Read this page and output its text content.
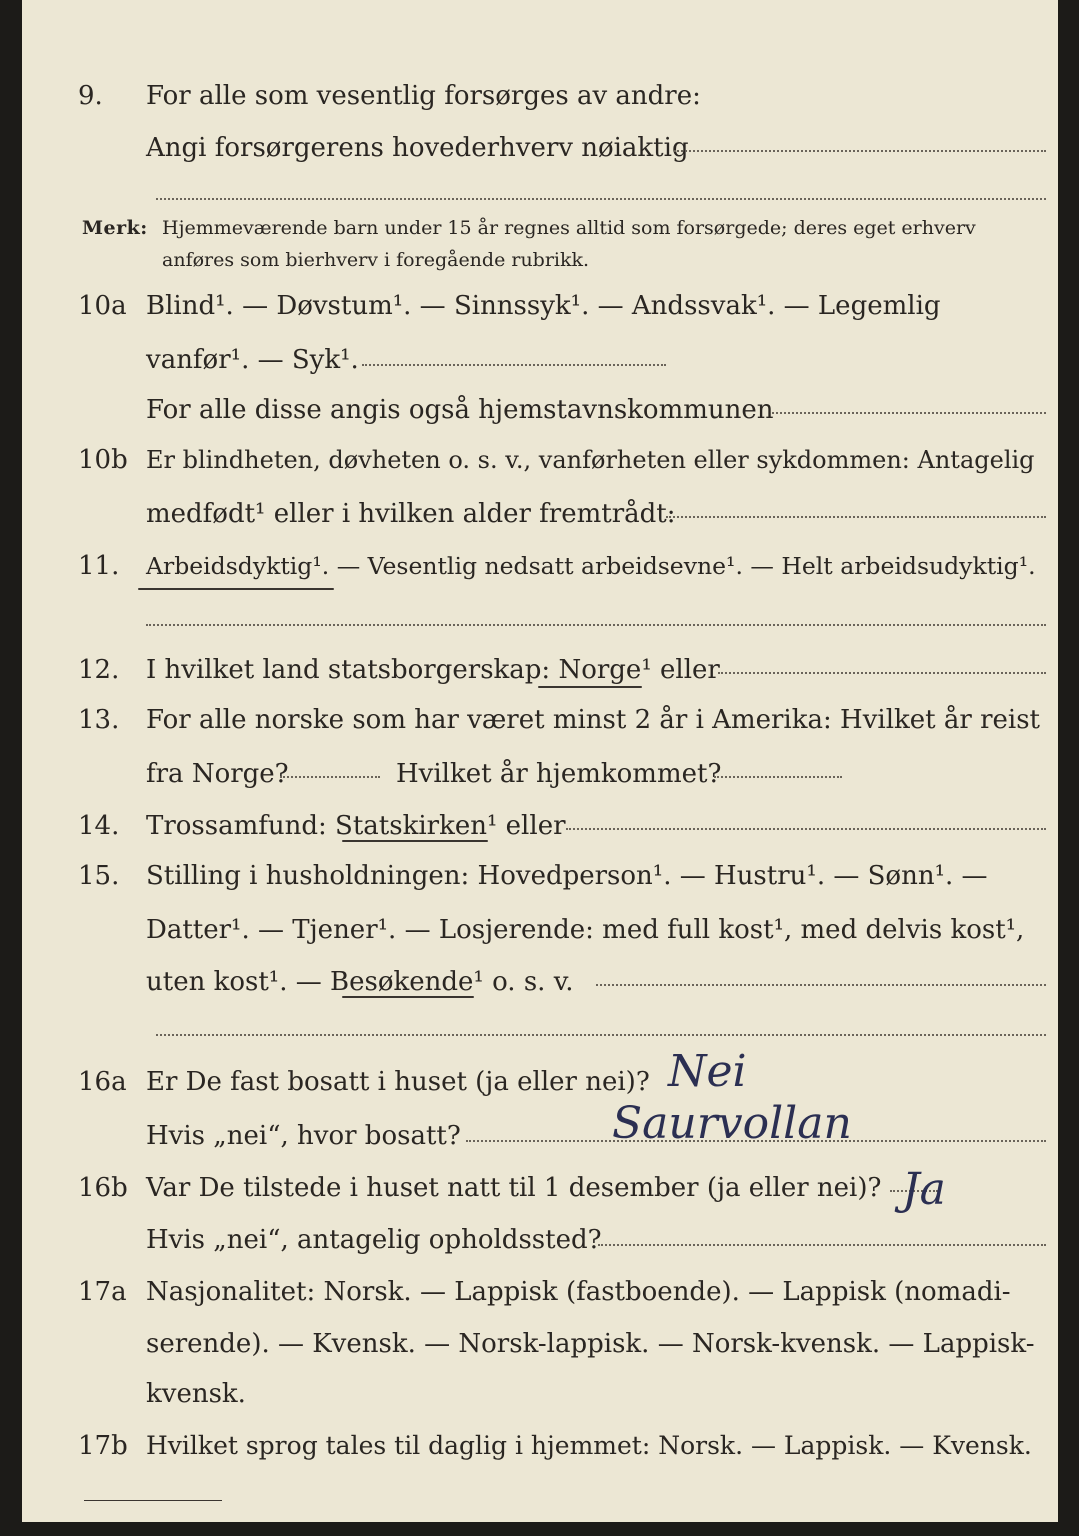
9. For alle som vesentlig forsørges av andre:
Angi forsørgerens hovederhverv nøiaktig
Merk: Hjemmeværende barn under 15 år regnes alltid som forsørgede; deres eget erhverv
anføres som bierhverv i foregående rubrikk.
10a Blind¹. — Døvstum¹. — Sinnssyk¹. — Andssvak¹. — Legemlig
vanfør¹. — Syk¹.
For alle disse angis også hjemstavnskommunen
10b Er blindheten, døvheten o. s. v., vanførheten eller sykdommen: Antagelig
medfødt¹ eller i hvilken alder fremtrådt:
11. Arbeidsdyktig¹. — Vesentlig nedsatt arbeidsevne¹. — Helt arbeidsudyktig¹.
12. I hvilket land statsborgerskap: Norge¹ eller
13. For alle norske som har været minst 2 år i Amerika: Hvilket år reist
fra Norge?	Hvilket år hjemkommet?
14. Trossamfund: Statskirken¹ eller
15. Stilling i husholdningen: Hovedperson¹. — Hustru¹. — Sønn¹. —
Datter¹. — Tjener¹. — Losjerende: med full kost¹, med delvis kost¹,
uten kost¹. — Besøkende¹ o. s. v.
16a Er De fast bosatt i huset (ja eller nei)? Nei
Hvis „nei“, hvor bosatt?	Saurvollan
16b Var De tilstede i huset natt til 1 desember (ja eller nei)? Ja
Hvis „nei“, antagelig opholdssted?
17a Nasjonalitet: Norsk. — Lappisk (fastboende). — Lappisk (nomadi-
serende). — Kvensk. — Norsk-lappisk. — Norsk-kvensk. — Lappisk-
kvensk.
17b Hvilket sprog tales til daglig i hjemmet: Norsk. — Lappisk. — Kvensk.
